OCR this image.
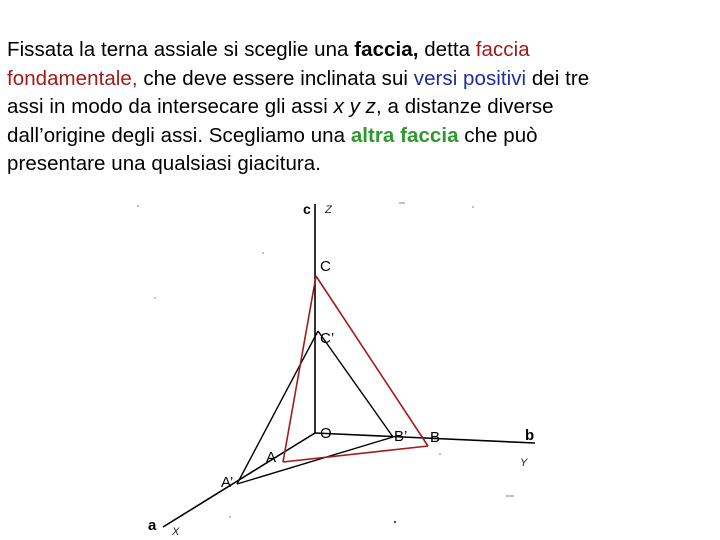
Fissata la terna assiale si sceglie una faccia, detta faccia
fondamentale, che deve essere inclinata sui versi positivi dei tre
assi in modo da intersecare gli assi x y z, a distanze diverse
dall’origine degli assi. Scegliamo una altra faccia che può
presentare una qualsiasi giacitura.
c Z
C
C’
O	B’ B	b
Y
A
A’
a X
